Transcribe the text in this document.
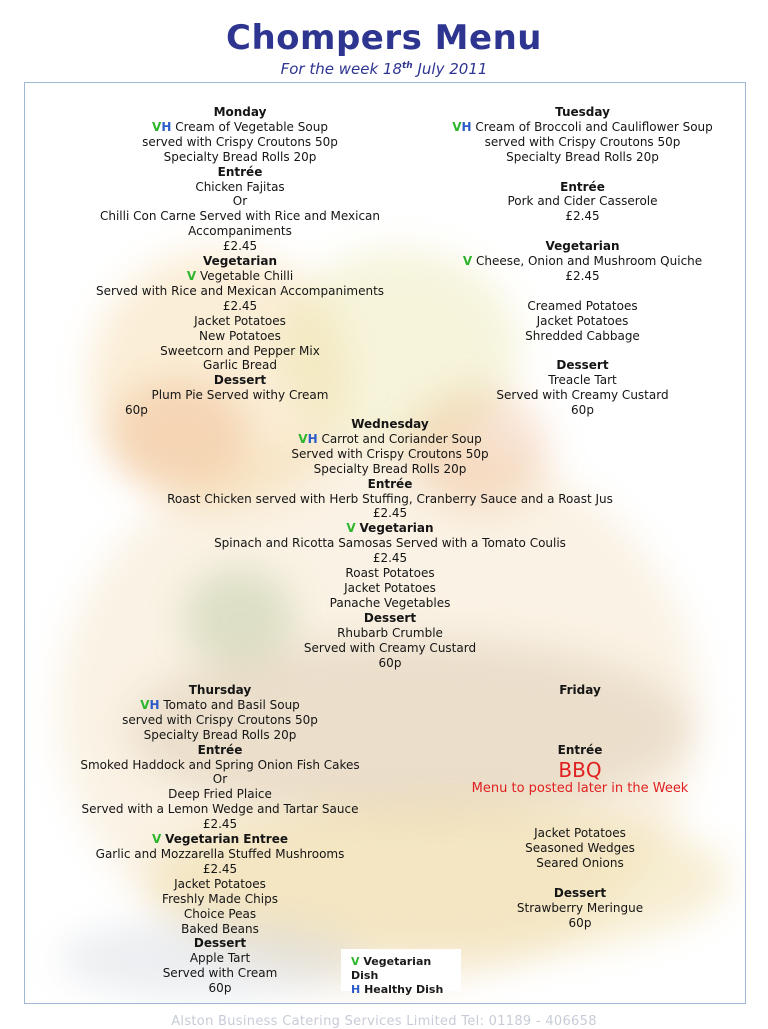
Chompers Menu
For the week 18th July 2011
Monday
VH Cream of Vegetable Soup
served with Crispy Croutons 50p
Specialty Bread Rolls 20p
Entrée
Chicken Fajitas
Or
Chilli Con Carne Served with Rice and Mexican
Accompaniments
£2.45
Vegetarian
V Vegetable Chilli
Served with Rice and Mexican Accompaniments
£2.45
Jacket Potatoes
New Potatoes
Sweetcorn and Pepper Mix
Garlic Bread
Dessert
Plum Pie Served withy Cream
60p
Tuesday
VH Cream of Broccoli and Cauliflower Soup
served with Crispy Croutons 50p
Specialty Bread Rolls 20p

Entrée
Pork and Cider Casserole
£2.45

Vegetarian
V Cheese, Onion and Mushroom Quiche
£2.45

Creamed Potatoes
Jacket Potatoes
Shredded Cabbage

Dessert
Treacle Tart
Served with Creamy Custard
60p
Wednesday
VH Carrot and Coriander Soup
Served with Crispy Croutons 50p
Specialty Bread Rolls 20p
Entrée
Roast Chicken served with Herb Stuffing, Cranberry Sauce and a Roast Jus
£2.45
V Vegetarian
Spinach and Ricotta Samosas Served with a Tomato Coulis
£2.45
Roast Potatoes
Jacket Potatoes
Panache Vegetables
Dessert
Rhubarb Crumble
Served with Creamy Custard
60p
Thursday
VH Tomato and Basil Soup
served with Crispy Croutons 50p
Specialty Bread Rolls 20p
Entrée
Smoked Haddock and Spring Onion Fish Cakes
Or
Deep Fried Plaice
Served with a Lemon Wedge and Tartar Sauce
£2.45
V Vegetarian Entree
Garlic and Mozzarella Stuffed Mushrooms
£2.45
Jacket Potatoes
Freshly Made Chips
Choice Peas
Baked Beans
Dessert
Apple Tart
Served with Cream
60p
Friday

Entrée
BBQ
Menu to posted later in the Week

Jacket Potatoes
Seasoned Wedges
Seared Onions

Dessert
Strawberry Meringue
60p
V Vegetarian Dish
H Healthy Dish
Alston Business Catering Services Limited Tel: 01189 - 406658
